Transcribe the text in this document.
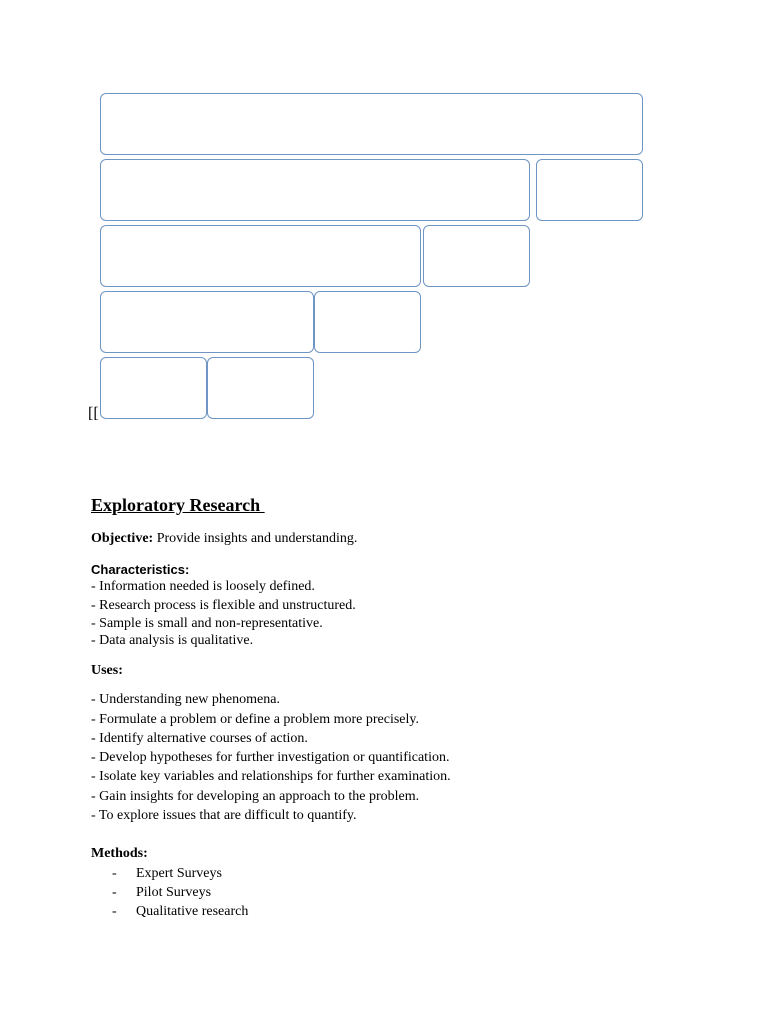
[[
Exploratory Research
Objective: Provide insights and understanding.
Characteristics:
- Information needed is loosely defined.
- Research process is flexible and unstructured.
- Sample is small and non-representative.
- Data analysis is qualitative.
Uses:
- Understanding new phenomena.
- Formulate a problem or define a problem more precisely.
- Identify alternative courses of action.
- Develop hypotheses for further investigation or quantification.
- Isolate key variables and relationships for further examination.
- Gain insights for developing an approach to the problem.
- To explore issues that are difficult to quantify.
Methods:
- Expert Surveys
- Pilot Surveys
- Qualitative research
